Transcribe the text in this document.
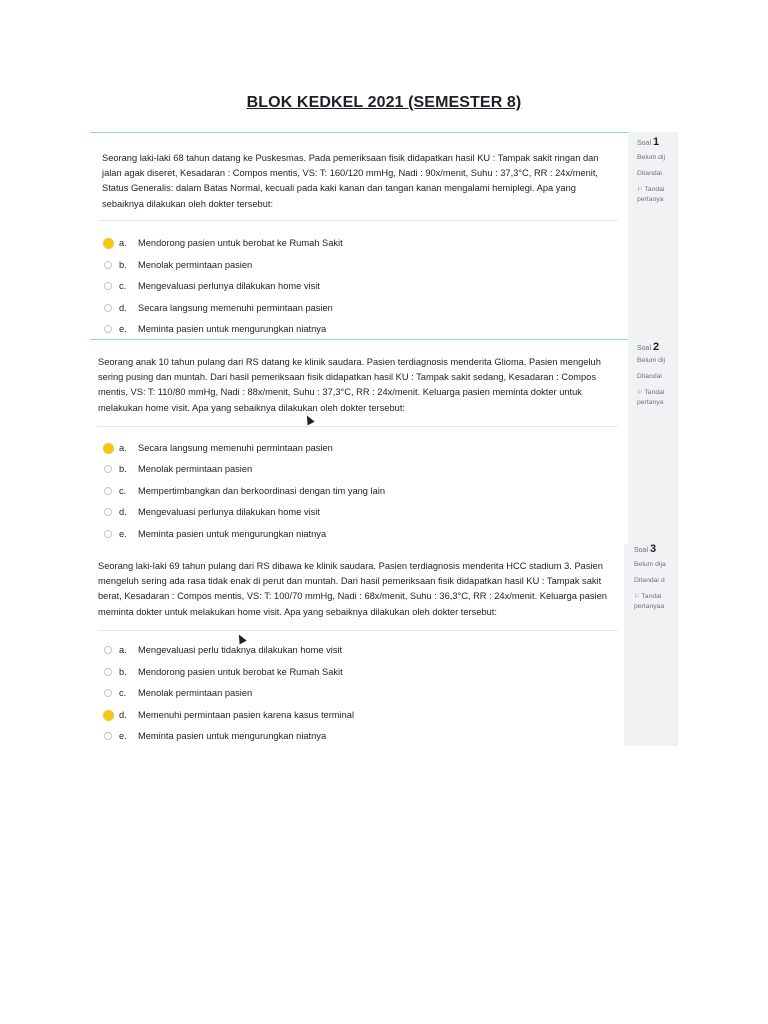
BLOK KEDKEL 2021 (SEMESTER 8)
Seorang laki-laki 68 tahun datang ke Puskesmas. Pada pemeriksaan fisik didapatkan hasil KU : Tampak sakit ringan dan jalan agak diseret, Kesadaran : Compos mentis, VS: T: 160/120 mmHg, Nadi : 90x/menit, Suhu : 37,3°C, RR : 24x/menit, Status Generalis: dalam Batas Normal, kecuali pada kaki kanan dan tangan kanan mengalami hemiplegi. Apa yang sebaiknya dilakukan oleh dokter tersebut:
a.	Mendorong pasien untuk berobat ke Rumah Sakit
b.	Menolak permintaan pasien
c.	Mengevaluasi perlunya dilakukan home visit
d.	Secara langsung memenuhi permintaan pasien
e.	Meminta pasien untuk mengurungkan niatnya
Soal 1
Belum dij
Ditandai
⚐ Tandai
pertanya
Seorang anak 10 tahun pulang dari RS datang ke klinik saudara. Pasien terdiagnosis menderita Glioma. Pasien mengeluh sering pusing dan muntah. Dari hasil pemeriksaan fisik didapatkan hasil KU : Tampak sakit sedang, Kesadaran : Compos mentis, VS: T: 110/80 mmHg, Nadi : 88x/menit, Suhu : 37,3°C, RR : 24x/menit. Keluarga pasien meminta dokter untuk melakukan home visit. Apa yang sebaiknya dilakukan oleh dokter tersebut:
a.	Secara langsung memenuhi permintaan pasien
b.	Menolak permintaan pasien
c.	Mempertimbangkan dan berkoordinasi dengan tim yang lain
d.	Mengevaluasi perlunya dilakukan home visit
e.	Meminta pasien untuk mengurungkan niatnya
Soal 2
Belum dij
Ditandai
⚐ Tandai
pertanya
Seorang laki-laki 69 tahun pulang dari RS dibawa ke klinik saudara. Pasien terdiagnosis menderita HCC stadium 3. Pasien mengeluh sering ada rasa tidak enak di perut dan muntah. Dari hasil pemeriksaan fisik didapatkan hasil KU : Tampak sakit berat, Kesadaran : Compos mentis, VS: T: 100/70 mmHg, Nadi : 68x/menit, Suhu : 36,3°C, RR : 24x/menit. Keluarga pasien meminta dokter untuk melakukan home visit. Apa yang sebaiknya dilakukan oleh dokter tersebut:
a.	Mengevaluasi perlu tidaknya dilakukan home visit
b.	Mendorong pasien untuk berobat ke Rumah Sakit
c.	Menolak permintaan pasien
d.	Memenuhi permintaan pasien karena kasus terminal
e.	Meminta pasien untuk mengurungkan niatnya
Soal 3
Belum dija
Ditandai d
⚐ Tandai
pertanyaa
